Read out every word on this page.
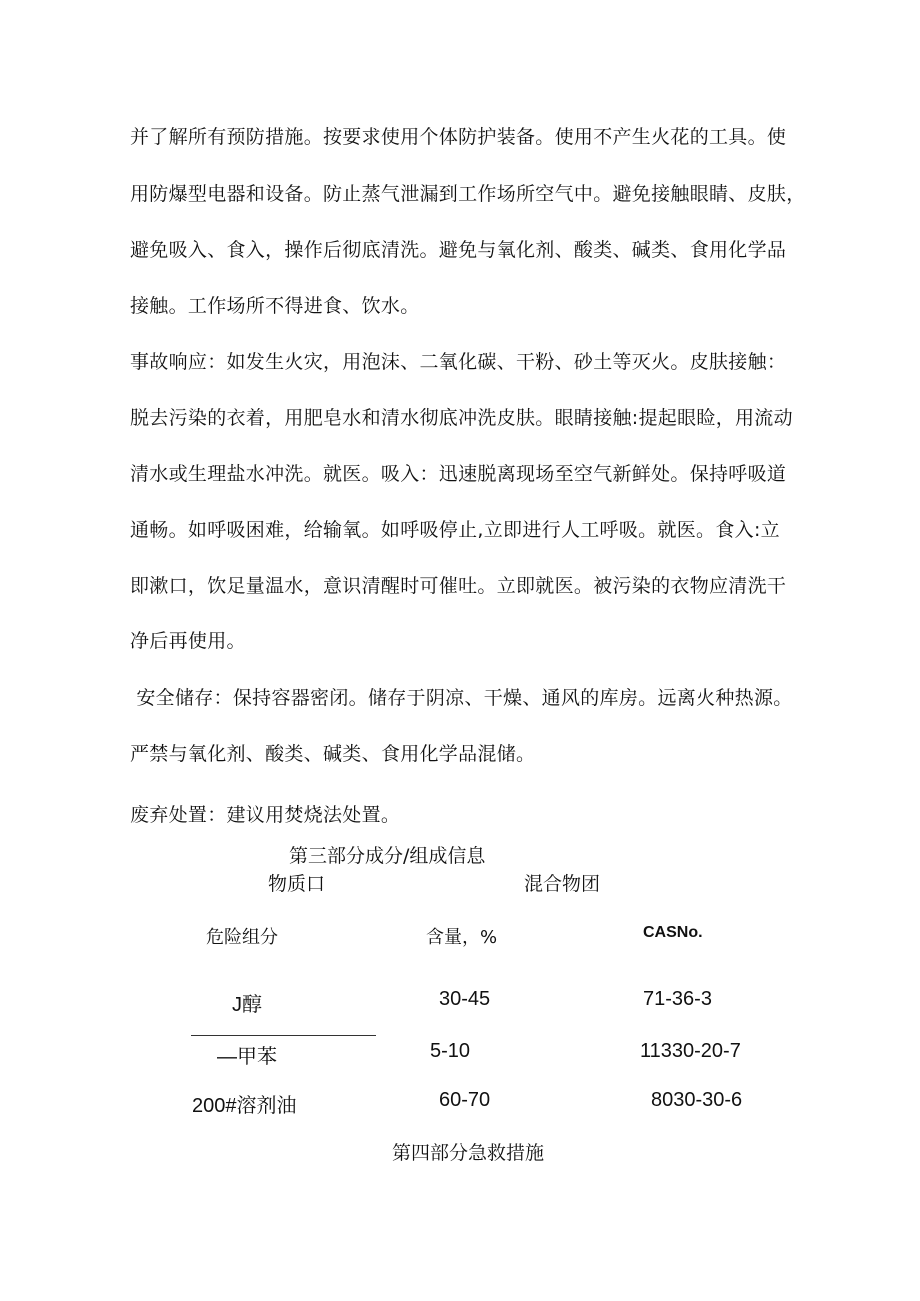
并了解所有预防措施。按要求使用个体防护装备。使用不产生火花的工具。使
用防爆型电器和设备。防止蒸气泄漏到工作场所空气中。避免接触眼睛、皮肤，
避免吸入、食入，操作后彻底清洗。避免与氧化剂、酸类、碱类、食用化学品
接触。工作场所不得进食、饮水。
事故响应：如发生火灾，用泡沫、二氧化碳、干粉、砂土等灭火。皮肤接触：
脱去污染的衣着，用肥皂水和清水彻底冲洗皮肤。眼睛接触:提起眼睑，用流动
清水或生理盐水冲洗。就医。吸入：迅速脱离现场至空气新鲜处。保持呼吸道
通畅。如呼吸困难，给输氧。如呼吸停止,立即进行人工呼吸。就医。食入:立
即漱口，饮足量温水，意识清醒时可催吐。立即就医。被污染的衣物应清洗干
净后再使用。
安全储存：保持容器密闭。储存于阴凉、干燥、通风的库房。远离火种热源。
严禁与氧化剂、酸类、碱类、食用化学品混储。
废弃处置：建议用焚烧法处置。
第三部分成分/组成信息
物质口	混合物团
危险组分	含量，%	CASNo.
J醇	30-45	71-36-3
—甲苯	5-10	11330-20-7
200#溶剂油	60-70	8030-30-6
第四部分急救措施
